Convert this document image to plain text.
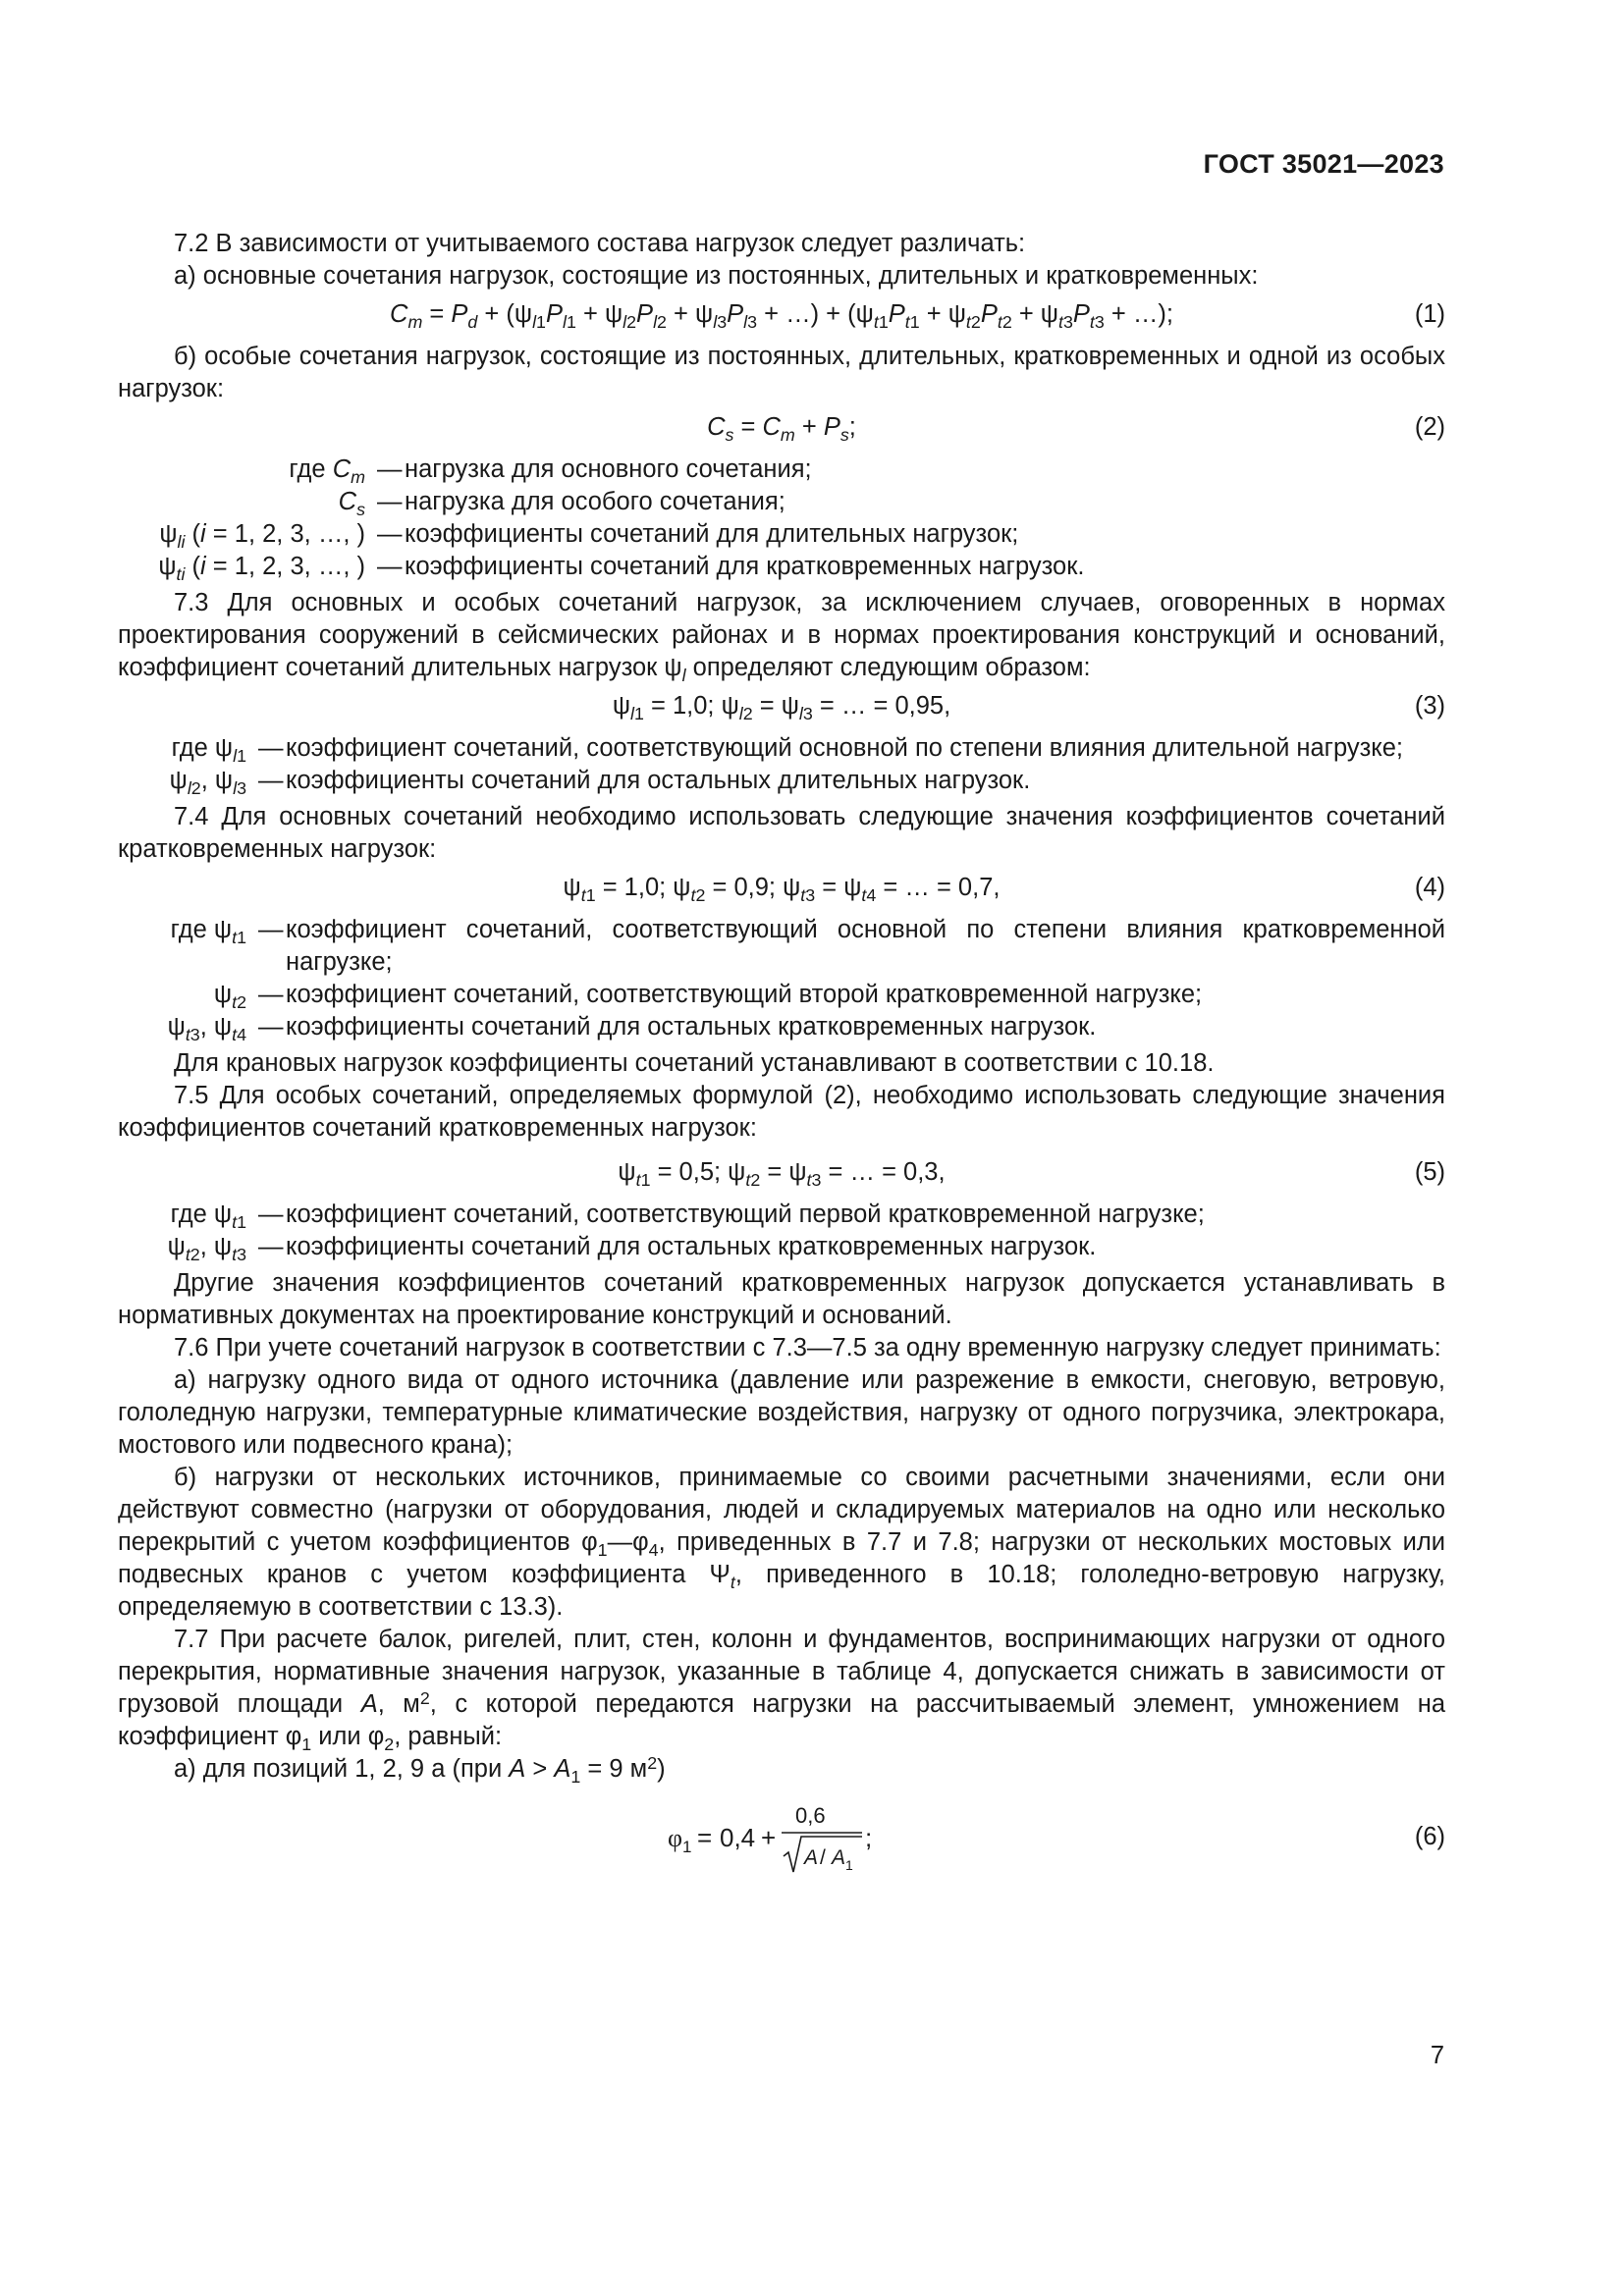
ГОСТ 35021—2023

7.2 В зависимости от учитываемого состава нагрузок следует различать:

а) основные сочетания нагрузок, состоящие из постоянных, длительных и кратковременных:

$C_m = P_d + (\psi_{l1}P_{l1} + \psi_{l2}P_{l2} + \psi_{l3}P_{l3}$ + …) + ($\psi_{t1}P_{t1} + \psi_{t2}P_{t2} + \psi_{t3}P_{t3}$ + …);	(1)

б) особые сочетания нагрузок, состоящие из постоянных, длительных, кратковременных и одной из особых нагрузок:

$C_s = C_m + P_s$;	(2)
где $C_m$ — нагрузка для основного сочетания;
$C_s$ — нагрузка для особого сочетания;
$\psi_{li}$ (i = 1, 2, 3, …, ) — коэффициенты сочетаний для длительных нагрузок;
$\psi_{ti}$ (i = 1, 2, 3, …, ) — коэффициенты сочетаний для кратковременных нагрузок.

7.3 Для основных и особых сочетаний нагрузок, за исключением случаев, оговоренных в нормах проектирования сооружений в сейсмических районах и в нормах проектирования конструкций и оснований, коэффициент сочетаний длительных нагрузок $\psi_l$ определяют следующим образом:

$\psi_{l1} = 1,0$; $\psi_{l2} = \psi_{l3}$ = … = 0,95,	(3)
где $\psi_{l1}$ — коэффициент сочетаний, соответствующий основной по степени влияния длительной нагрузке;
$\psi_{l2}$, $\psi_{l3}$ — коэффициенты сочетаний для остальных длительных нагрузок.

7.4 Для основных сочетаний необходимо использовать следующие значения коэффициентов сочетаний кратковременных нагрузок:

$\psi_{t1} = 1,0$; $\psi_{t2} = 0,9$; $\psi_{t3} = \psi_{t4}$ = … = 0,7,	(4)
где $\psi_{t1}$ — коэффициент сочетаний, соответствующий основной по степени влияния кратковременной нагрузке;
$\psi_{t2}$ — коэффициент сочетаний, соответствующий второй кратковременной нагрузке;
$\psi_{t3}$, $\psi_{t4}$ — коэффициенты сочетаний для остальных кратковременных нагрузок.

Для крановых нагрузок коэффициенты сочетаний устанавливают в соответствии с 10.18.

7.5 Для особых сочетаний, определяемых формулой (2), необходимо использовать следующие значения коэффициентов сочетаний кратковременных нагрузок:

$\psi_{t1} = 0,5$; $\psi_{t2} = \psi_{t3}$ = … = 0,3,	(5)
где $\psi_{t1}$ — коэффициент сочетаний, соответствующий первой кратковременной нагрузке;
$\psi_{t2}$, $\psi_{t3}$ — коэффициенты сочетаний для остальных кратковременных нагрузок.

Другие значения коэффициентов сочетаний кратковременных нагрузок допускается устанавливать в нормативных документах на проектирование конструкций и оснований.

7.6 При учете сочетаний нагрузок в соответствии с 7.3—7.5 за одну временную нагрузку следует принимать:

а) нагрузку одного вида от одного источника (давление или разрежение в емкости, снеговую, ветровую, гололедную нагрузки, температурные климатические воздействия, нагрузку от одного погрузчика, электрокара, мостового или подвесного крана);

б) нагрузки от нескольких источников, принимаемые со своими расчетными значениями, если они действуют совместно (нагрузки от оборудования, людей и складируемых материалов на одно или несколько перекрытий с учетом коэффициентов $\varphi_1—\varphi_4$, приведенных в 7.7 и 7.8; нагрузки от нескольких мостовых или подвесных кранов с учетом коэффициента $\Psi_t$, приведенного в 10.18; гололедно-ветровую нагрузку, определяемую в соответствии с 13.3).

7.7 При расчете балок, ригелей, плит, стен, колонн и фундаментов, воспринимающих нагрузки от одного перекрытия, нормативные значения нагрузок, указанные в таблице 4, допускается снижать в зависимости от грузовой площади A, $м^2$, с которой передаются нагрузки на рассчитываемый элемент, умножением на коэффициент $\varphi_1$ или $\varphi_2$, равный:

а) для позиций 1, 2, 9 а (при $A > A_1 = 9$ $м^2$)

φ 1 = 0,4 +
0,6
A / A 1
;	(6)
7
